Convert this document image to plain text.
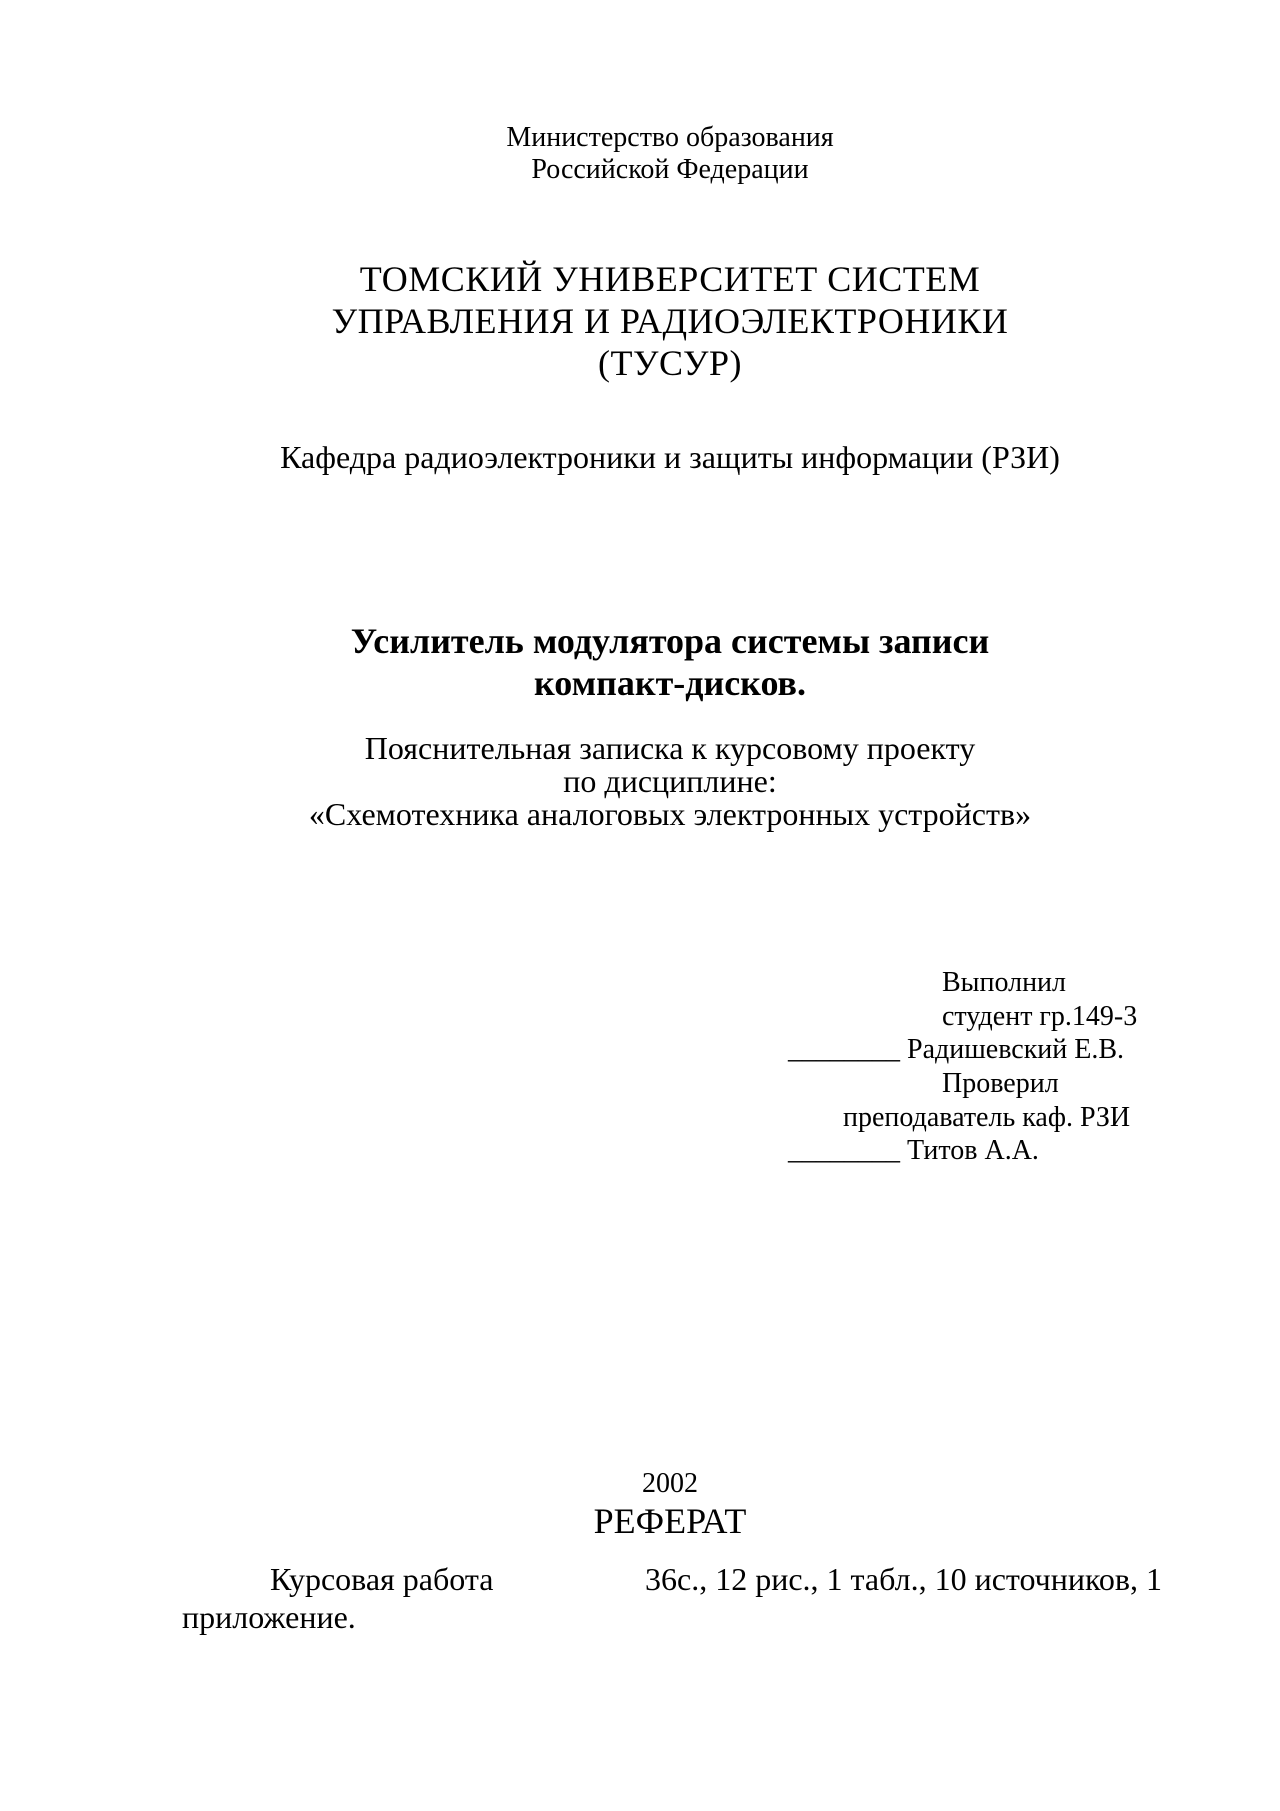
Министерство образования
Российской Федерации
ТОМСКИЙ УНИВЕРСИТЕТ СИСТЕМ
УПРАВЛЕНИЯ И РАДИОЭЛЕКТРОНИКИ
(ТУСУР)
Кафедра радиоэлектроники и защиты информации (РЗИ)
Усилитель модулятора системы записи
компакт-дисков.
Пояснительная записка к курсовому проекту
по дисциплине:
«Схемотехника аналоговых электронных устройств»
Выполнил
студент гр.149-3
________ Радишевский Е.В.
Проверил
преподаватель каф. РЗИ
________ Титов А.А.
2002
РЕФЕРАТ
Курсовая работа	36с., 12 рис., 1 табл., 10 источников, 1
приложение.
